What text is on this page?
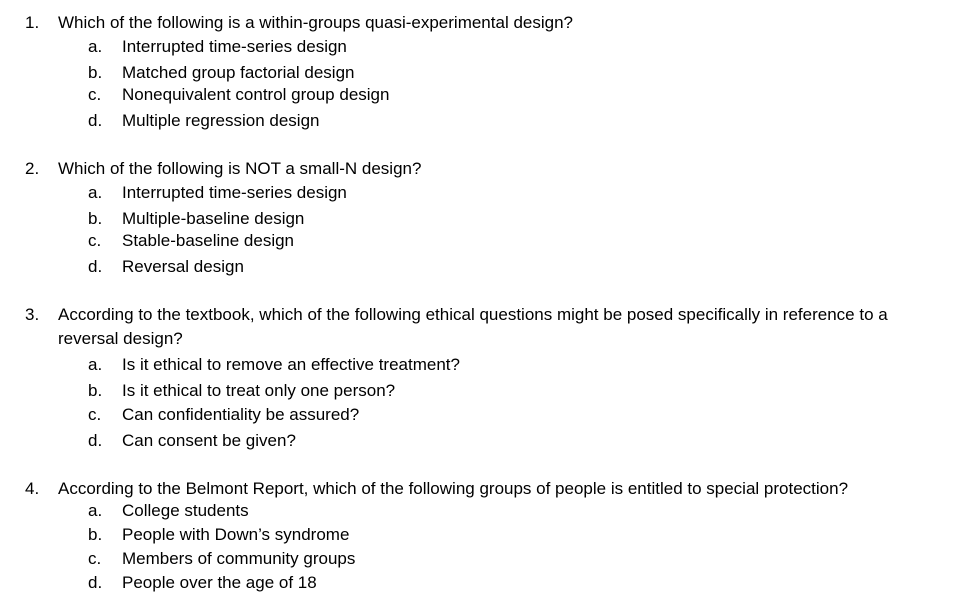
1. Which of the following is a within-groups quasi-experimental design?
a. Interrupted time-series design
b. Matched group factorial design
c. Nonequivalent control group design
d. Multiple regression design
2. Which of the following is NOT a small-N design?
a. Interrupted time-series design
b. Multiple-baseline design
c. Stable-baseline design
d. Reversal design
3. According to the textbook, which of the following ethical questions might be posed specifically in reference to a
reversal design?
a. Is it ethical to remove an effective treatment?
b. Is it ethical to treat only one person?
c. Can confidentiality be assured?
d. Can consent be given?
4. According to the Belmont Report, which of the following groups of people is entitled to special protection?
a. College students
b. People with Down’s syndrome
c. Members of community groups
d. People over the age of 18
